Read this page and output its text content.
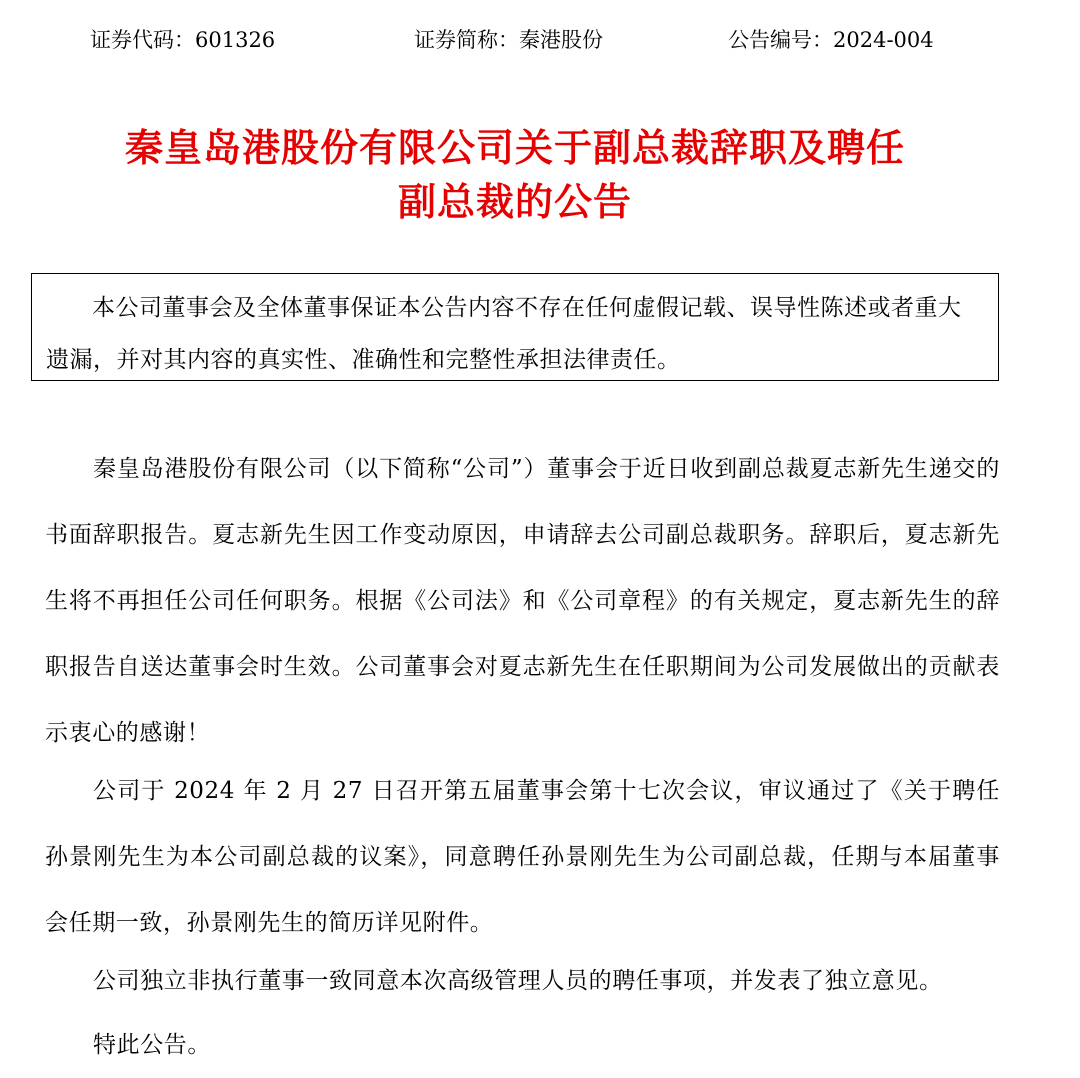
证券代码：601326	证券简称：秦港股份	公告编号：2024-004
秦皇岛港股份有限公司关于副总裁辞职及聘任
副总裁的公告

本公司董事会及全体董事保证本公告内容不存在任何虚假记载、误导性陈述或者重大遗漏，并对其内容的真实性、准确性和完整性承担法律责任。

秦皇岛港股份有限公司（以下简称“公司”）董事会于近日收到副总裁夏志新先生递交的书面辞职报告。夏志新先生因工作变动原因，申请辞去公司副总裁职务。辞职后，夏志新先生将不再担任公司任何职务。根据《公司法》和《公司章程》的有关规定，夏志新先生的辞职报告自送达董事会时生效。公司董事会对夏志新先生在任职期间为公司发展做出的贡献表示衷心的感谢！

公司于 2024 年 2 月 27 日召开第五届董事会第十七次会议，审议通过了《关于聘任孙景刚先生为本公司副总裁的议案》，同意聘任孙景刚先生为公司副总裁，任期与本届董事会任期一致，孙景刚先生的简历详见附件。

公司独立非执行董事一致同意本次高级管理人员的聘任事项，并发表了独立意见。

特此公告。
